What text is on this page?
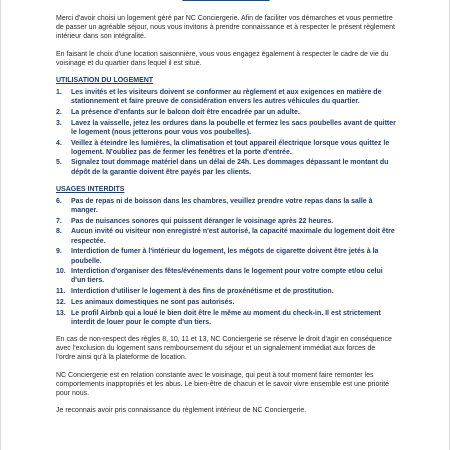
Merci d'avoir choisi un logement géré par NC Conciergerie. Afin de faciliter vos démarches et vous permettre de passer un agréable séjour, nous vous invitons à prendre connaissance et à respecter le présent règlement intérieur dans son intégralité.

En faisant le choix d'une location saisonnière, vous vous engagez également à respecter le cadre de vie du voisinage et du quartier dans lequel il est situé.

UTILISATION DU LOGEMENT
1.	Les invités et les visiteurs doivent se conformer au règlement et aux exigences en matière de stationnement et faire preuve de considération envers les autres véhicules du quartier.
2.	La présence d'enfants sur le balcon doit être encadrée par un adulte.
3.	Lavez la vaisselle, jetez les ordures dans la poubelle et fermez les sacs poubelles avant de quitter le logement (nous jetterons pour vous vos poubelles).
4.	Veillez à éteindre les lumières, la climatisation et tout appareil électrique lorsque vous quittez le logement. N'oubliez pas de fermer les fenêtres et la porte d'entrée.
5.	Signalez tout dommage matériel dans un délai de 24h. Les dommages dépassant le montant du dépôt de la garantie doivent être payés par les clients.
USAGES INTERDITS
6.	Pas de repas ni de boisson dans les chambres, veuillez prendre votre repas dans la salle à manger.
7.	Pas de nuisances sonores qui puissent déranger le voisinage après 22 heures.
8.	Aucun invité ou visiteur non enregistré n'est autorisé, la capacité maximale du logement doit être respectée.
9.	Interdiction de fumer à l'intérieur du logement, les mégots de cigarette doivent être jetés à la poubelle.
10. Interdiction d'organiser des fêtes/événements dans le logement pour votre compte et/ou celui d'un tiers.
11. Interdiction d'utiliser le logement à des fins de proxénétisme et de prostitution.
12. Les animaux domestiques ne sont pas autorisés.
13. Le profil Airbnb qui a loué le bien doit être le même au moment du check-in. Il est strictement interdit de louer pour le compte d'un tiers.

En cas de non-respect des règles 8, 10, 11 et 13, NC Conciergerie se réserve le droit d'agir en conséquence avec l'exclusion du logement sans remboursement du séjour et un signalement immédiat aux forces de l'ordre ainsi qu'à la plateforme de location.

NC Conciergerie est en relation constante avec le voisinage, qui peut à tout moment faire remonter les comportements inappropriés et les abus. Le bien-être de chacun et le savoir vivre ensemble est une priorité pour nous.

Je reconnais avoir pris connaissance du règlement intérieur de NC Conciergerie.
